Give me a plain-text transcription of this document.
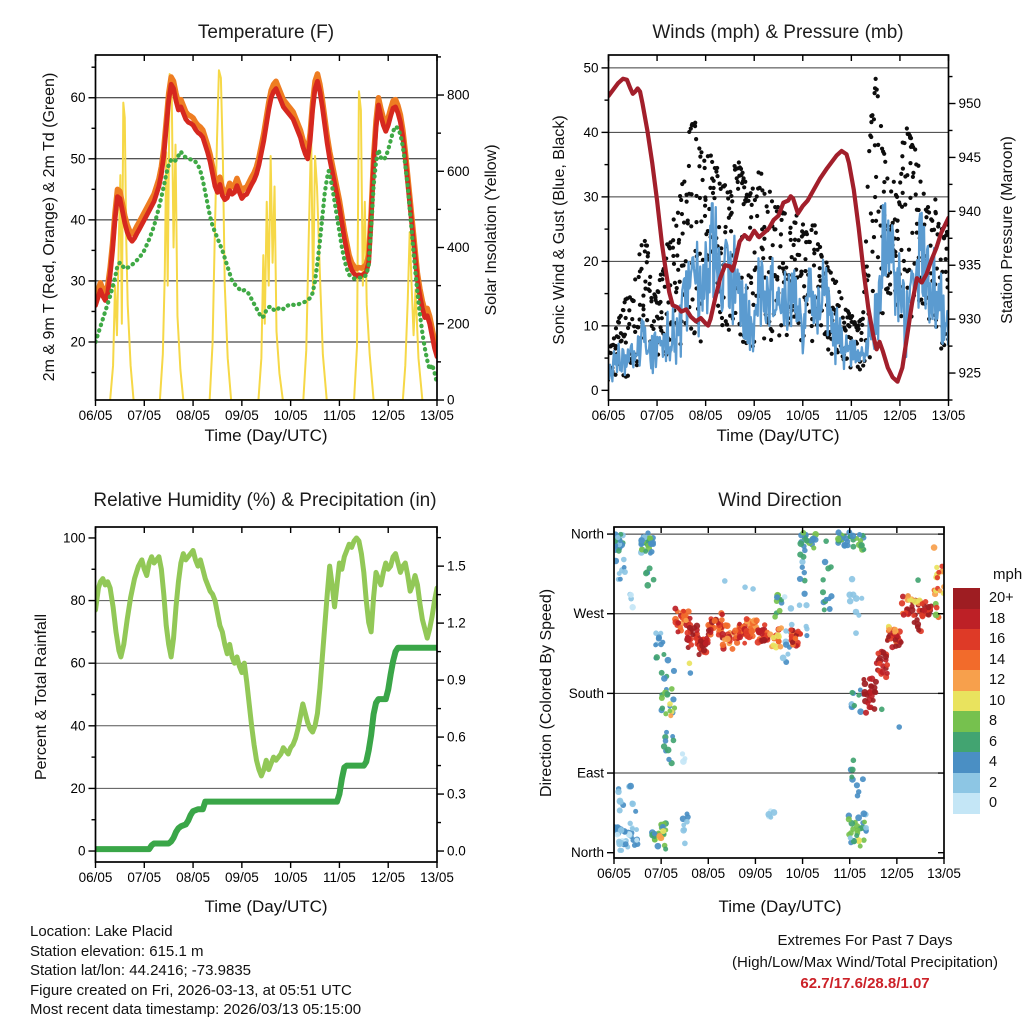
Temperature (F)	Winds (mph) & Pressure (mb)
Relative Humidity (%) & Precipitation (in)	Wind Direction
Time (Day/UTC)	Time (Day/UTC)
Time (Day/UTC)	Time (Day/UTC)
2m & 9m T (Red, Orange) & 2m Td (Green)	Solar Insolation (Yellow)	Sonic Wind & Gust (Blue, Black)	Station Pressure (Maroon)
Percent & Total Rainfall	Direction (Colored By Speed)
mph
20+
18
16
14
12
10
8
6
4
2
0
Location: Lake Placid
Station elevation: 615.1 m
Station lat/lon: 44.2416; -73.9835
Figure created on Fri, 2026-03-13, at 05:51 UTC
Most recent data timestamp: 2026/03/13 05:15:00
Extremes For Past 7 Days
(High/Low/Max Wind/Total Precipitation)
62.7/17.6/28.8/1.07
